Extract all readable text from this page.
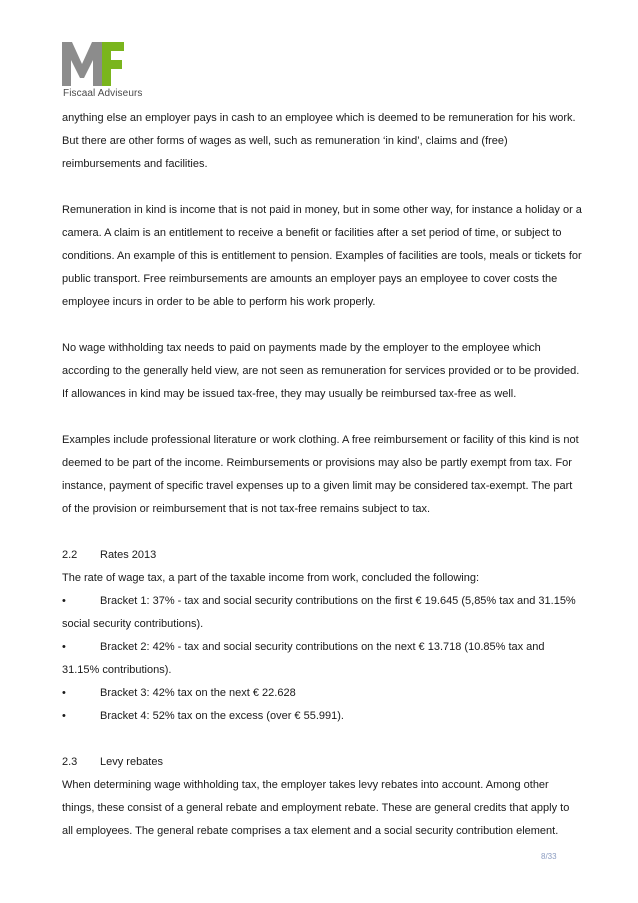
Fiscaal Adviseurs

anything else an employer pays in cash to an employee which is deemed to be remuneration for his work. But there are other forms of wages as well, such as remuneration ‘in kind’, claims and (free) reimbursements and facilities.

Remuneration in kind is income that is not paid in money, but in some other way, for instance a holiday or a camera. A claim is an entitlement to receive a benefit or facilities after a set period of time, or subject to conditions. An example of this is entitlement to pension. Examples of facilities are tools, meals or tickets for public transport. Free reimbursements are amounts an employer pays an employee to cover costs the employee incurs in order to be able to perform his work properly.

No wage withholding tax needs to paid on payments made by the employer to the employee which according to the generally held view, are not seen as remuneration for services provided or to be provided. If allowances in kind may be issued tax-free, they may usually be reimbursed tax-free as well.

Examples include professional literature or work clothing. A free reimbursement or facility of this kind is not deemed to be part of the income. Reimbursements or provisions may also be partly exempt from tax. For instance, payment of specific travel expenses up to a given limit may be considered tax-exempt. The part of the provision or reimbursement that is not tax-free remains subject to tax.

2.2	Rates 2013

The rate of wage tax, a part of the taxable income from work, concluded the following:

•	Bracket 1: 37% - tax and social security contributions on the first € 19.645 (5,85% tax and 31.15% social security contributions).
•	Bracket 2: 42% - tax and social security contributions on the next € 13.718 (10.85% tax and 31.15% contributions).
•	Bracket 3: 42% tax on the next € 22.628
•	Bracket 4: 52% tax on the excess (over € 55.991).
2.3	Levy rebates

When determining wage withholding tax, the employer takes levy rebates into account. Among other things, these consist of a general rebate and employment rebate. These are general credits that apply to all employees. The general rebate comprises a tax element and a social security contribution element.

8/33
